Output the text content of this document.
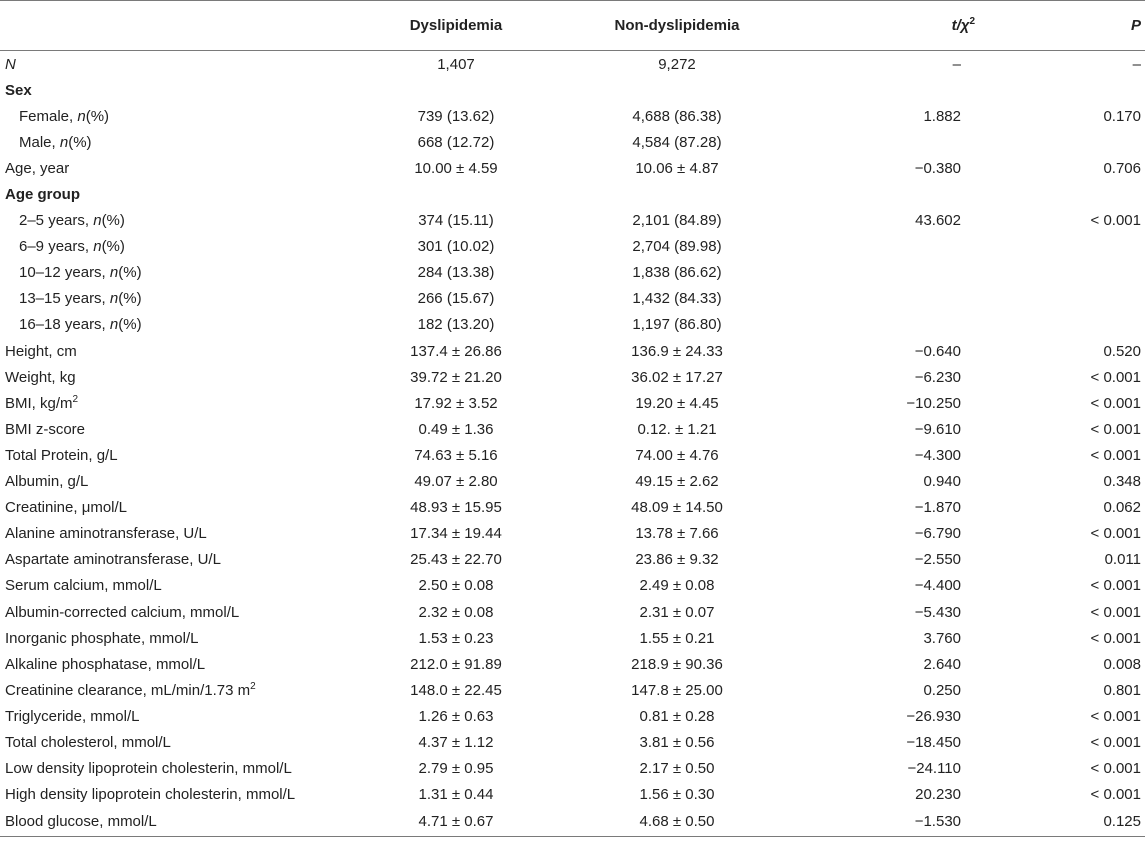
	Dyslipidemia	Non-dyslipidemia	$t/\chi^2$	P
N	1,407	9,272	–	–
Sex				
Female, n(%)	739 (13.62)	4,688 (86.38)	1.882	0.170
Male, n(%)	668 (12.72)	4,584 (87.28)		
Age, year	10.00 ± 4.59	10.06 ± 4.87	−0.380	0.706
Age group				
2–5 years, n(%)	374 (15.11)	2,101 (84.89)	43.602	< 0.001
6–9 years, n(%)	301 (10.02)	2,704 (89.98)		
10–12 years, n(%)	284 (13.38)	1,838 (86.62)		
13–15 years, n(%)	266 (15.67)	1,432 (84.33)		
16–18 years, n(%)	182 (13.20)	1,197 (86.80)		
Height, cm	137.4 ± 26.86	136.9 ± 24.33	−0.640	0.520
Weight, kg	39.72 ± 21.20	36.02 ± 17.27	−6.230	< 0.001
BMI, $kg/m^2$	17.92 ± 3.52	19.20 ± 4.45	−10.250	< 0.001
BMI z-score	0.49 ± 1.36	0.12. ± 1.21	−9.610	< 0.001
Total Protein, g/L	74.63 ± 5.16	74.00 ± 4.76	−4.300	< 0.001
Albumin, g/L	49.07 ± 2.80	49.15 ± 2.62	0.940	0.348
Creatinine, μmol/L	48.93 ± 15.95	48.09 ± 14.50	−1.870	0.062
Alanine aminotransferase, U/L	17.34 ± 19.44	13.78 ± 7.66	−6.790	< 0.001
Aspartate aminotransferase, U/L	25.43 ± 22.70	23.86 ± 9.32	−2.550	0.011
Serum calcium, mmol/L	2.50 ± 0.08	2.49 ± 0.08	−4.400	< 0.001
Albumin-corrected calcium, mmol/L	2.32 ± 0.08	2.31 ± 0.07	−5.430	< 0.001
Inorganic phosphate, mmol/L	1.53 ± 0.23	1.55 ± 0.21	3.760	< 0.001
Alkaline phosphatase, mmol/L	212.0 ± 91.89	218.9 ± 90.36	2.640	0.008
Creatinine clearance, mL/min/1.73 $m^2$	148.0 ± 22.45	147.8 ± 25.00	0.250	0.801
Triglyceride, mmol/L	1.26 ± 0.63	0.81 ± 0.28	−26.930	< 0.001
Total cholesterol, mmol/L	4.37 ± 1.12	3.81 ± 0.56	−18.450	< 0.001
Low density lipoprotein cholesterin, mmol/L	2.79 ± 0.95	2.17 ± 0.50	−24.110	< 0.001
High density lipoprotein cholesterin, mmol/L	1.31 ± 0.44	1.56 ± 0.30	20.230	< 0.001
Blood glucose, mmol/L	4.71 ± 0.67	4.68 ± 0.50	−1.530	0.125
